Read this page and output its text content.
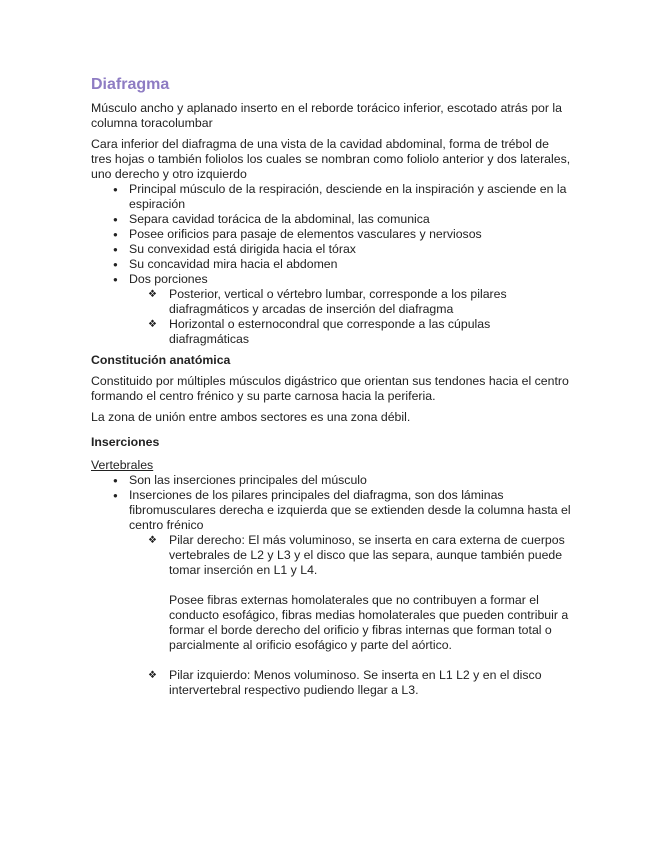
Diafragma

Músculo ancho y aplanado inserto en el reborde torácico inferior, escotado atrás por la columna toracolumbar

Cara inferior del diafragma de una vista de la cavidad abdominal, forma de trébol de tres hojas o también foliolos los cuales se nombran como foliolo anterior y dos laterales, uno derecho y otro izquierdo

● Principal músculo de la respiración, desciende en la inspiración y asciende en la espiración
● Separa cavidad torácica de la abdominal, las comunica
● Posee orificios para pasaje de elementos vasculares y nerviosos
● Su convexidad está dirigida hacia el tórax
● Su concavidad mira hacia el abdomen
● Dos porciones
❖ Posterior, vertical o vértebro lumbar, corresponde a los pilares diafragmáticos y arcadas de inserción del diafragma
❖ Horizontal o esternocondral que corresponde a las cúpulas diafragmáticas

Constitución anatómica

Constituido por múltiples músculos digástrico que orientan sus tendones hacia el centro formando el centro frénico y su parte carnosa hacia la periferia.

La zona de unión entre ambos sectores es una zona débil.

Inserciones

Vertebrales

● Son las inserciones principales del músculo
● Inserciones de los pilares principales del diafragma, son dos láminas fibromusculares derecha e izquierda que se extienden desde la columna hasta el centro frénico
❖ Pilar derecho: El más voluminoso, se inserta en cara externa de cuerpos vertebrales de L2 y L3 y el disco que las separa, aunque también puede tomar inserción en L1 y L4.
Posee fibras externas homolaterales que no contribuyen a formar el conducto esofágico, fibras medias homolaterales que pueden contribuir a formar el borde derecho del orificio y fibras internas que forman total o parcialmente al orificio esofágico y parte del aórtico.
❖ Pilar izquierdo: Menos voluminoso. Se inserta en L1 L2 y en el disco intervertebral respectivo pudiendo llegar a L3.
